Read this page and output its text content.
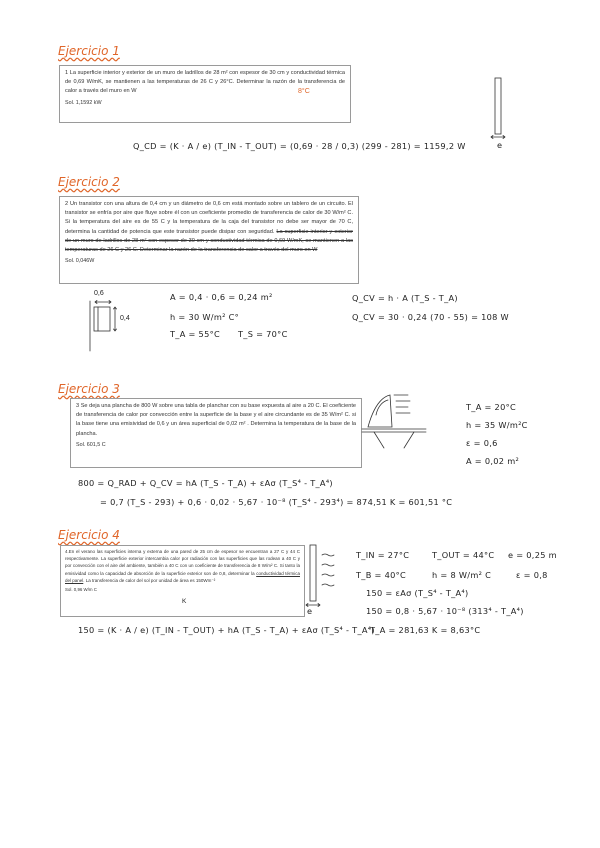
Ejercicio 1

1 La superficie interior y exterior de un muro de ladrillos de 28 m² con espesor de 30 cm y conductividad térmica de 0,69 W/mK, se mantienen a las temperaturas de 26 C y 26°C. Determinar la razón de la transferencia de calor a través del muro en W

Sol. 1,1592 kW
8°C
e
Q_CD = (K · A / e) (T_IN - T_OUT) = (0,69 · 28 / 0,3) (299 - 281) = 1159,2 W
Ejercicio 2

2 Un transistor con una altura de 0,4 cm y un diámetro de 0,6 cm está montado sobre un tablero de un circuito. El transistor se enfría por aire que fluye sobre él con un coeficiente promedio de transferencia de calor de 30 W/m² C. Si la temperatura del aire es de 55 C y la temperatura de la caja del transistor no debe ser mayor de 70 C, determina la cantidad de potencia que este transistor puede disipar con seguridad. La superficie interior y exterior de un muro de ladrillos de 28 m² con espesor de 30 cm y conductividad térmica de 0,69 W/mK, se mantienen a las temperaturas de 26 C y 26 C. Determinar la razón de la transferencia de calor a través del muro en W

Sol. 0,046W
0,6
0,4
A = 0,4 · 0,6 = 0,24 m²
h = 30 W/m² C°
T_A = 55°C T_S = 70°C
Q_CV = h · A (T_S - T_A)
Q_CV = 30 · 0,24 (70 - 55) = 108 W
Ejercicio 3

3 Se deja una plancha de 800 W sobre una tabla de planchar con su base expuesta al aire a 20 C. El coeficiente de transferencia de calor por convección entre la superficie de la base y el aire circundante es de 35 W/m² C. si la base tiene una emisividad de 0,6 y un área superficial de 0,02 m² . Determina la temperatura de la base de la plancha.

Sol. 601,5 C
T_A = 20°C
h = 35 W/m²C
ε = 0,6
A = 0,02 m²
800 = Q_RAD + Q_CV = hA (T_S - T_A) + εAσ (T_S⁴ - T_A⁴)
= 0,7 (T_S - 293) + 0,6 · 0,02 · 5,67 · 10⁻⁸ (T_S⁴ - 293⁴) = 874,51 K = 601,51 °C
Ejercicio 4

4.En el verano las superficies interna y externa de una pared de 25 cm de espesor se encuentran a 27 C y 44 C respectivamente. La superficie exterior intercambia calor por radiación con las superficies que las rodean a 40 C y por convección con el aire del ambiente, también a 40 C con un coeficiente de transferencia de 8 W/m² C. Si tanto la emisividad como la capacidad de absorción de la superficie exterior son de 0,8, determinar la conductividad térmica del panel. La transferencia de calor del sol por unidad de área es 150Wm⁻²

Sol. 0,96 W/m C
K
e
T_IN = 27°C	T_OUT = 44°C e = 0,25 m
T_B = 40°C	h = 8 W/m² C	ε = 0,8
150 = εAσ (T_S⁴ - T_A⁴)
150 = 0,8 · 5,67 · 10⁻⁸ (313⁴ - T_A⁴)
T_A = 281,63 K = 8,63°C
150 = (K · A / e) (T_IN - T_OUT) + hA (T_S - T_A) + εAσ (T_S⁴ - T_A⁴)
